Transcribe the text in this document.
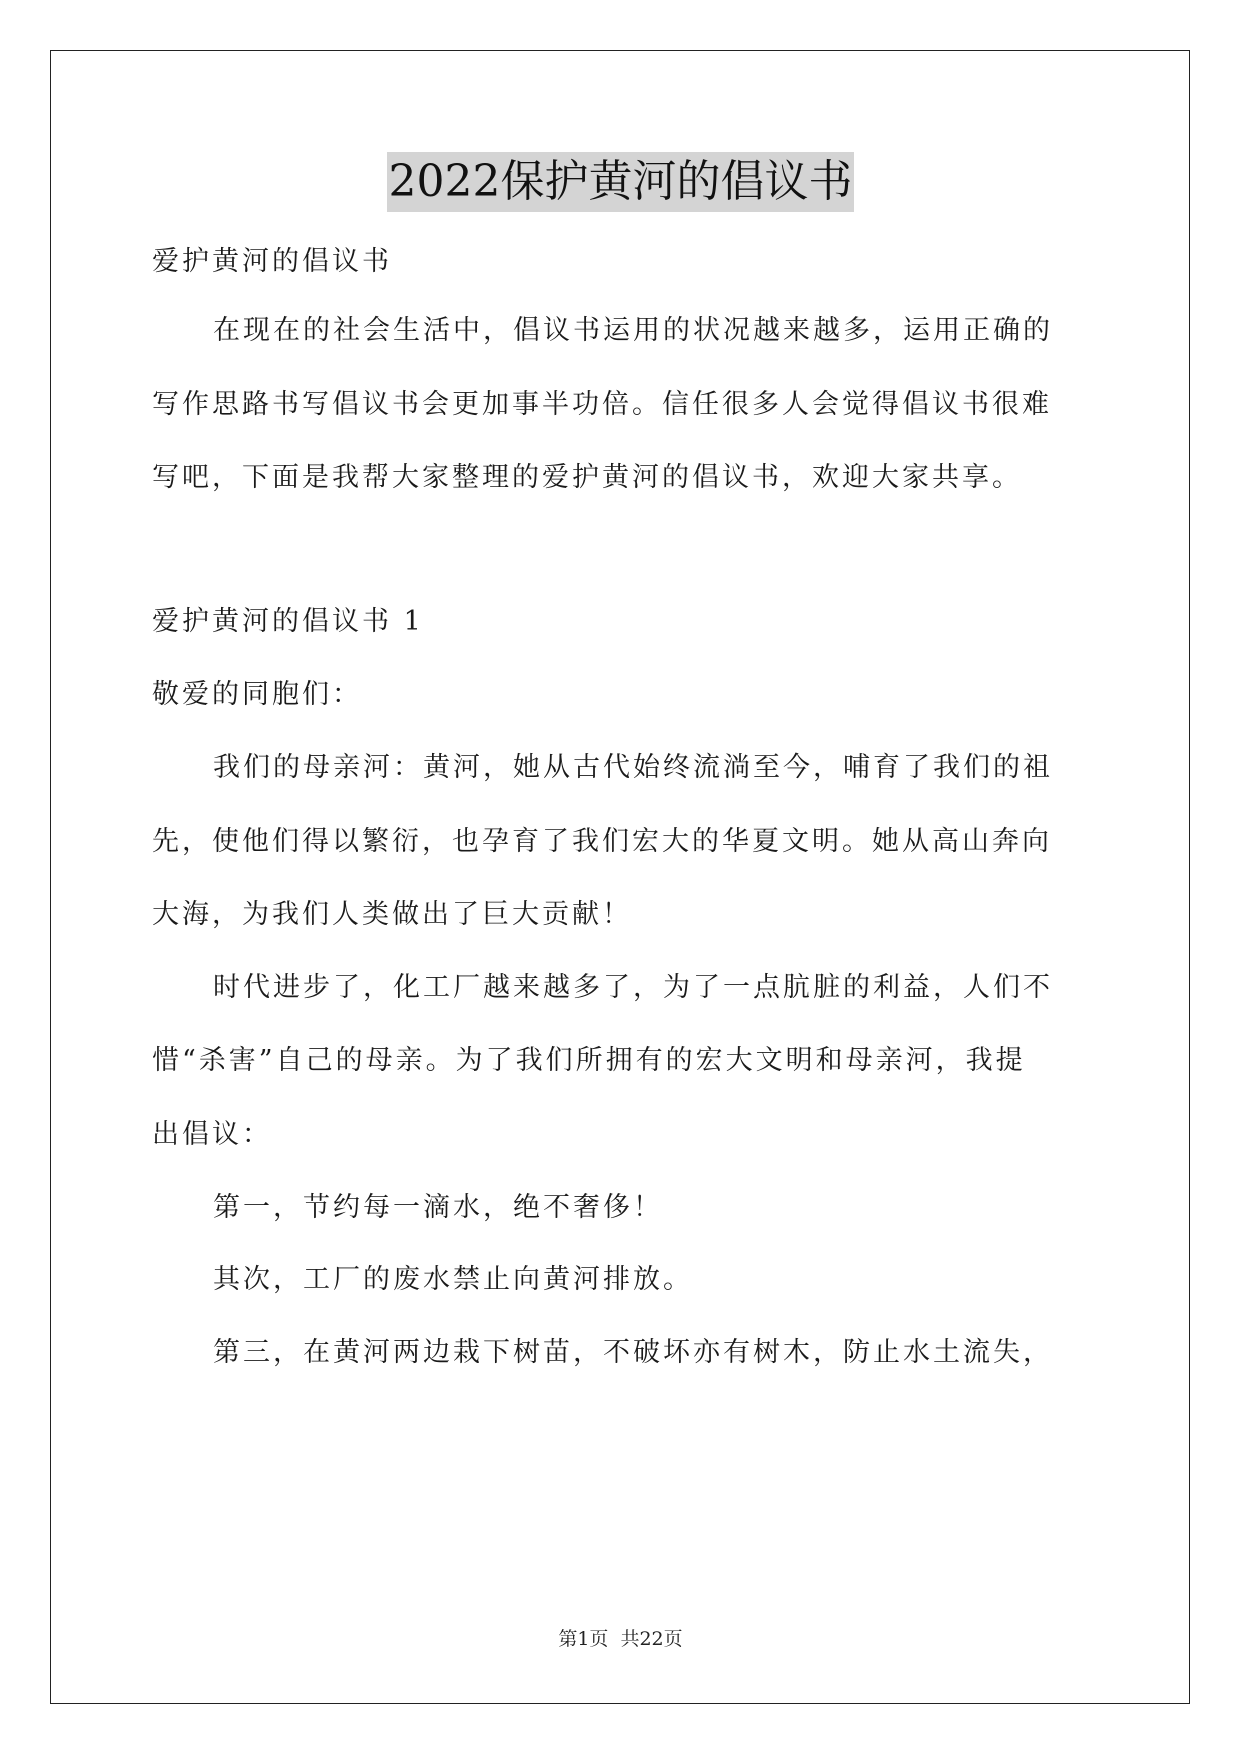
2022保护黄河的倡议书
爱护黄河的倡议书
在现在的社会生活中，倡议书运用的状况越来越多，运用正确的
写作思路书写倡议书会更加事半功倍。信任很多人会觉得倡议书很难
写吧，下面是我帮大家整理的爱护黄河的倡议书，欢迎大家共享。
爱护黄河的倡议书 1
敬爱的同胞们：
我们的母亲河：黄河，她从古代始终流淌至今，哺育了我们的祖
先，使他们得以繁衍，也孕育了我们宏大的华夏文明。她从高山奔向
大海，为我们人类做出了巨大贡献！
时代进步了，化工厂越来越多了，为了一点肮脏的利益，人们不
惜“杀害”自己的母亲。为了我们所拥有的宏大文明和母亲河，我提
出倡议：
第一，节约每一滴水，绝不奢侈！
其次，工厂的废水禁止向黄河排放。
第三，在黄河两边栽下树苗，不破坏亦有树木，防止水土流失，
第1页 共22页
